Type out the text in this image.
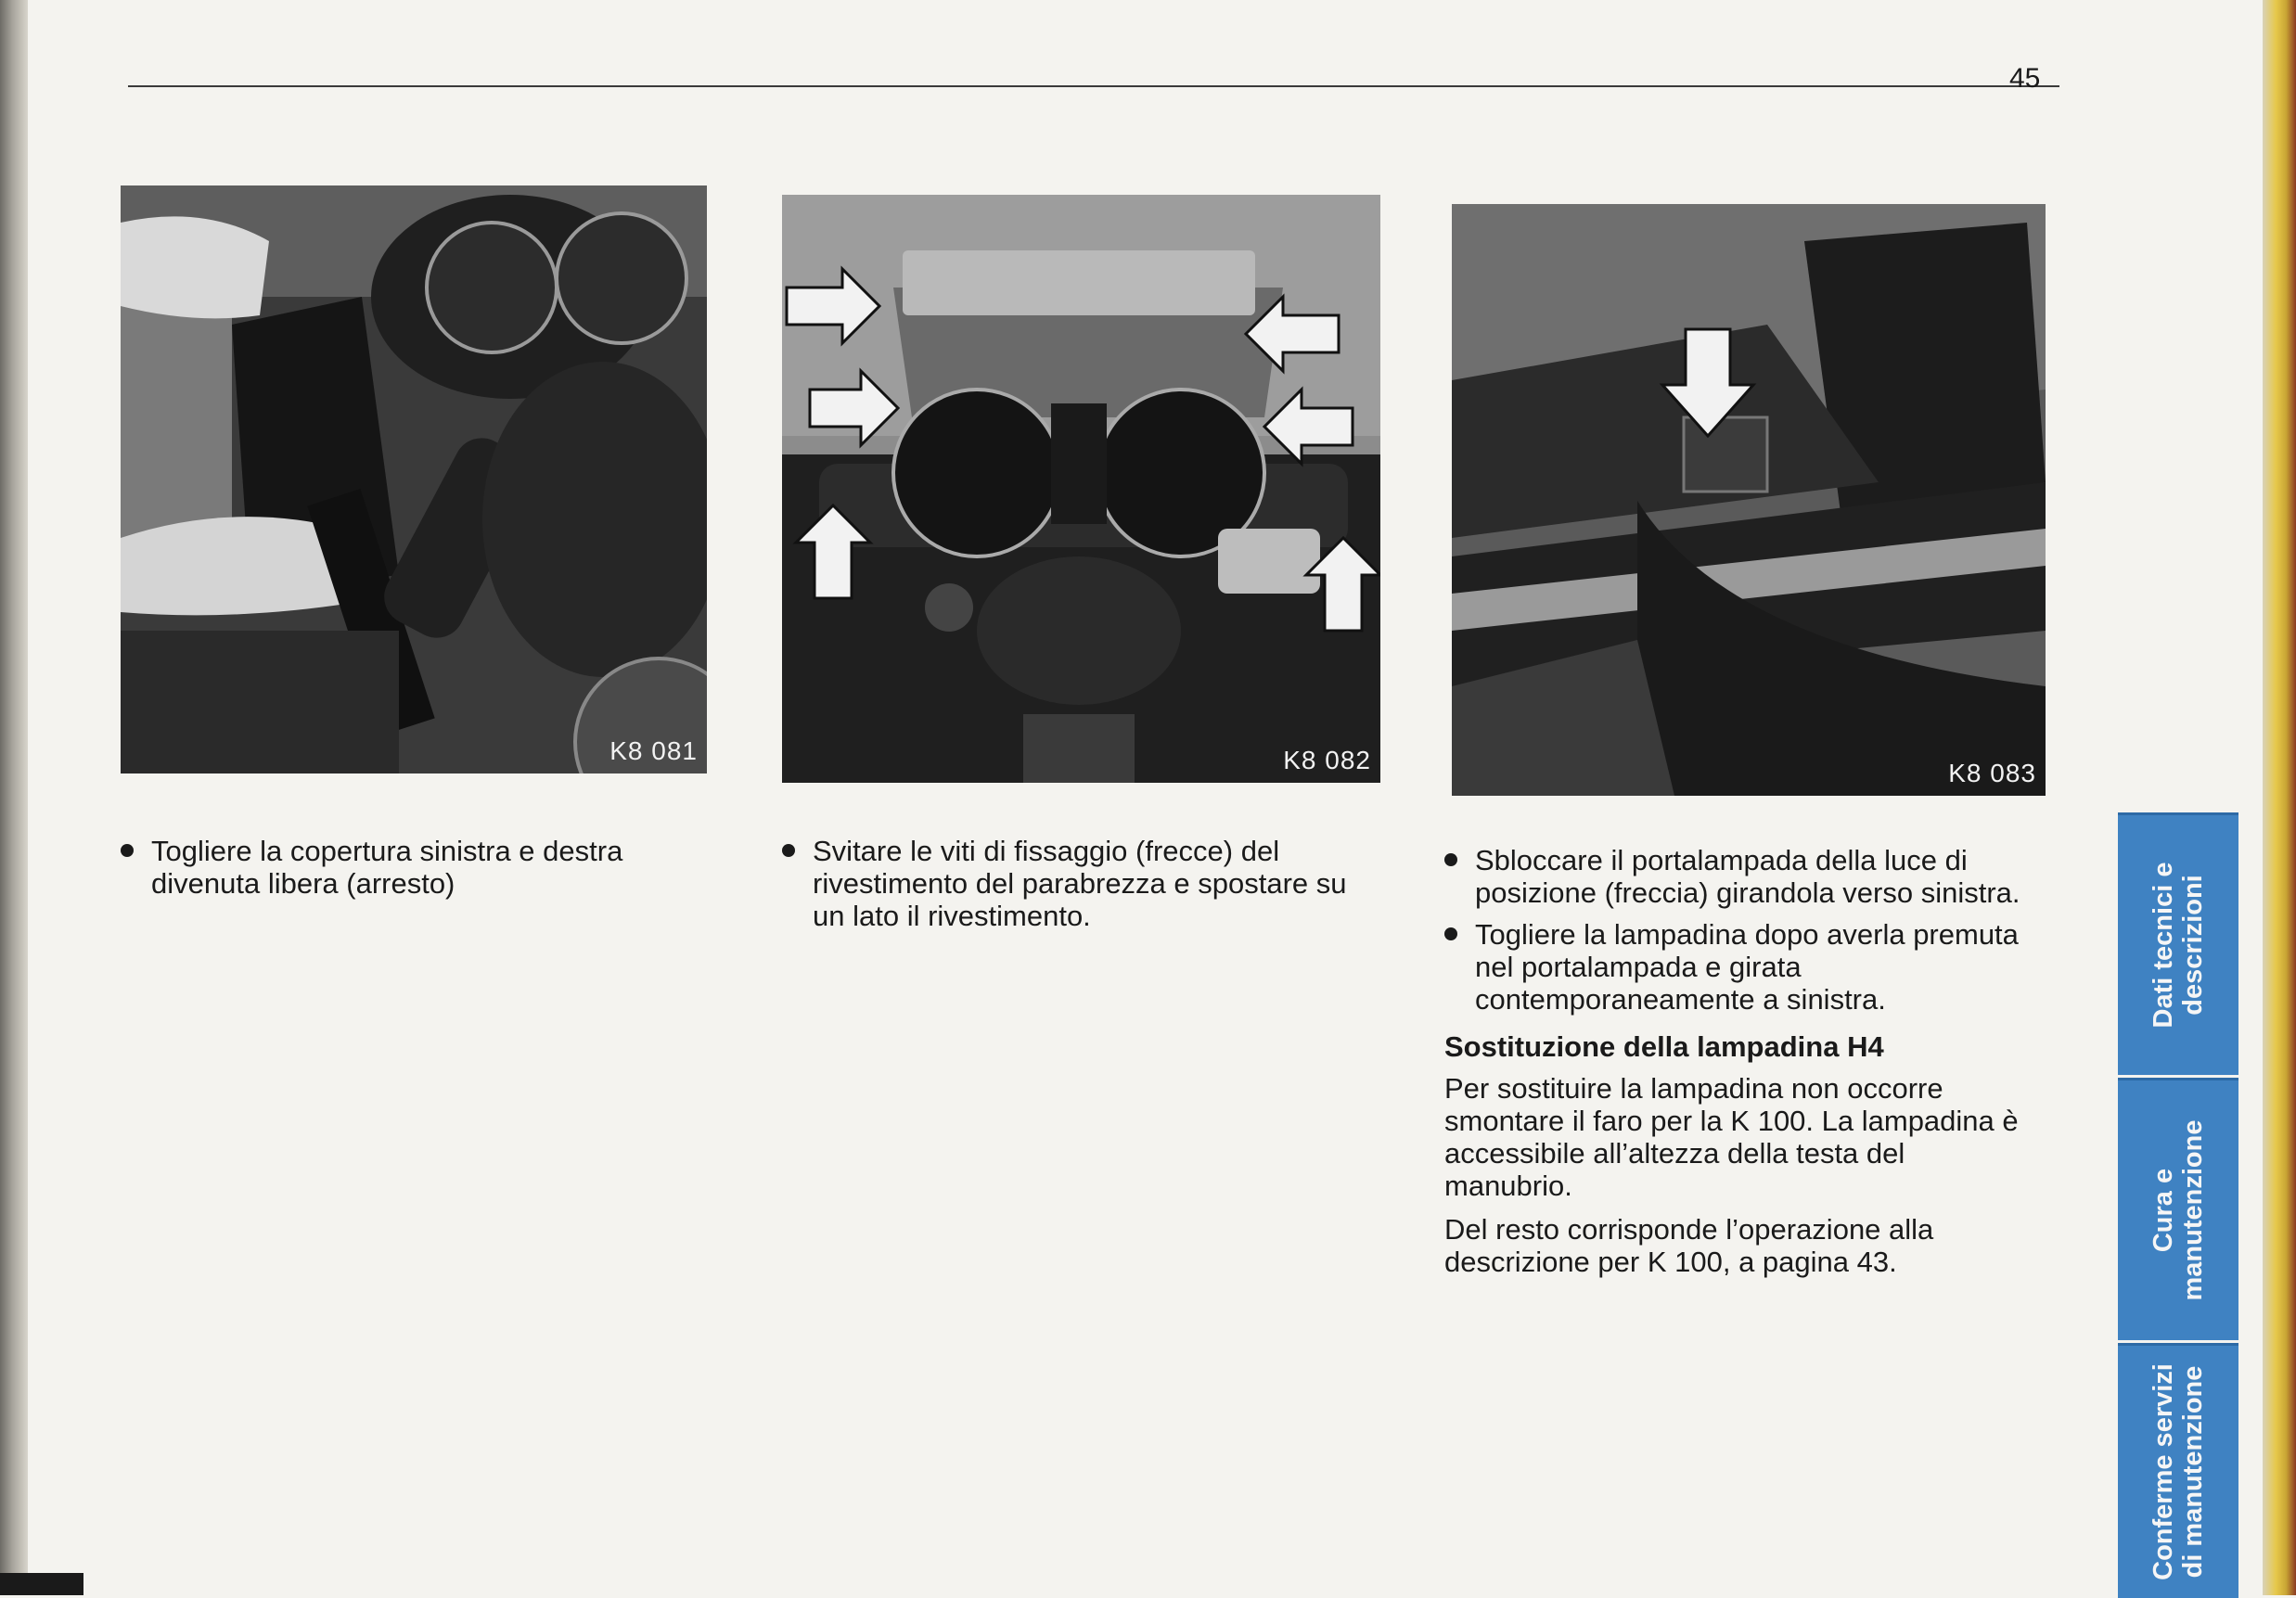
45
K8 081	K8 082	K8 083
Togliere la copertura sinistra e destra divenuta libera (arresto)
Svitare le viti di fissaggio (frecce) del rivestimento del parabrezza e spostare su un lato il rivestimento.
Sbloccare il portalampada della luce di posizione (freccia) girandola verso sinistra.
Togliere la lampadina dopo averla premuta nel portalampada e girata contemporaneamente a sinistra.
Sostituzione della lampadina H4

Per sostituire la lampadina non occorre smontare il faro per la K 100. La lampadina è accessibile all’altezza della testa del manubrio.

Del resto corrisponde l’operazione alla descrizione per K 100, a pagina 43.

Dati tecnici e descrizioni
Cura e manutenzione
Conferme servizi di manutenzione
